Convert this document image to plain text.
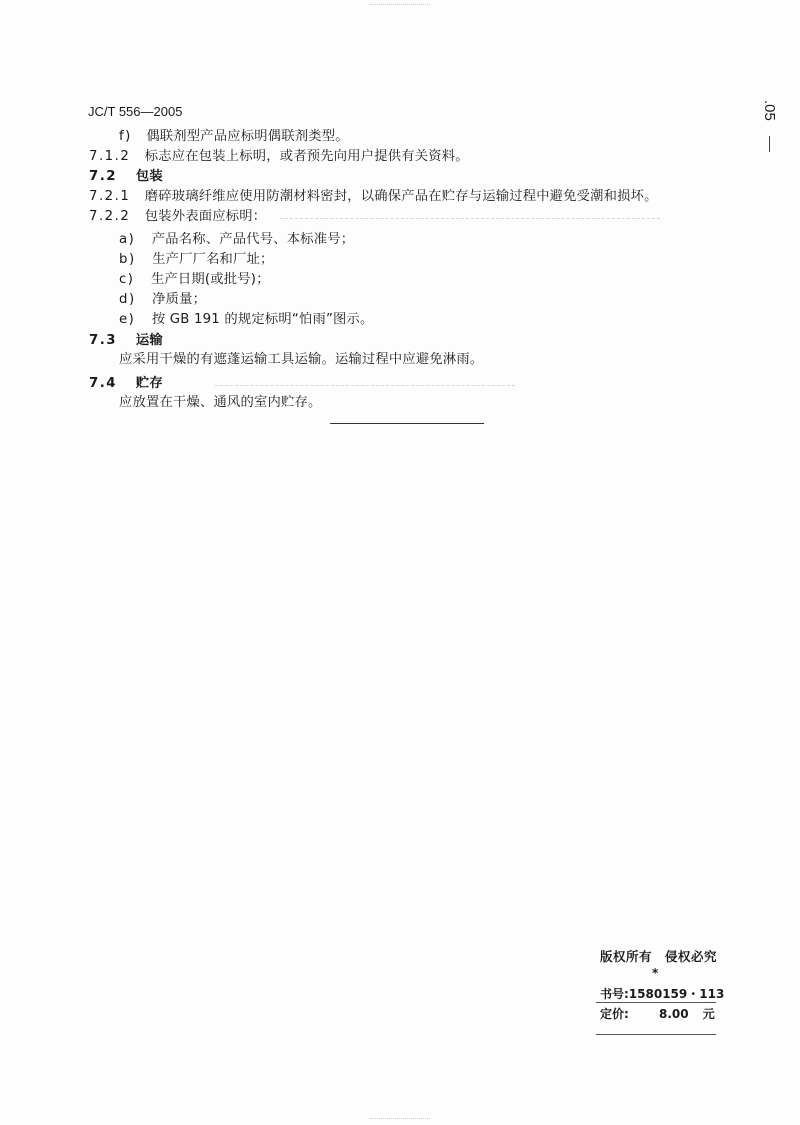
JC/T 556—2005	.05
f) 偶联剂型产品应标明偶联剂类型。
7.1.2 标志应在包装上标明，或者预先向用户提供有关资料。
7.2 包装
7.2.1 磨碎玻璃纤维应使用防潮材料密封，以确保产品在贮存与运输过程中避免受潮和损坏。
7.2.2 包装外表面应标明：
a) 产品名称、产品代号、本标准号；
b) 生产厂厂名和厂址；
c) 生产日期(或批号)；
d) 净质量；
e) 按 GB 191 的规定标明“怕雨”图示。
7.3 运输
应采用干燥的有遮蓬运输工具运输。运输过程中应避免淋雨。
7.4 贮存
应放置在干燥、通风的室内贮存。
版权所有　侵权必究
*
书号:1580159・113
定价:	8.00 元
